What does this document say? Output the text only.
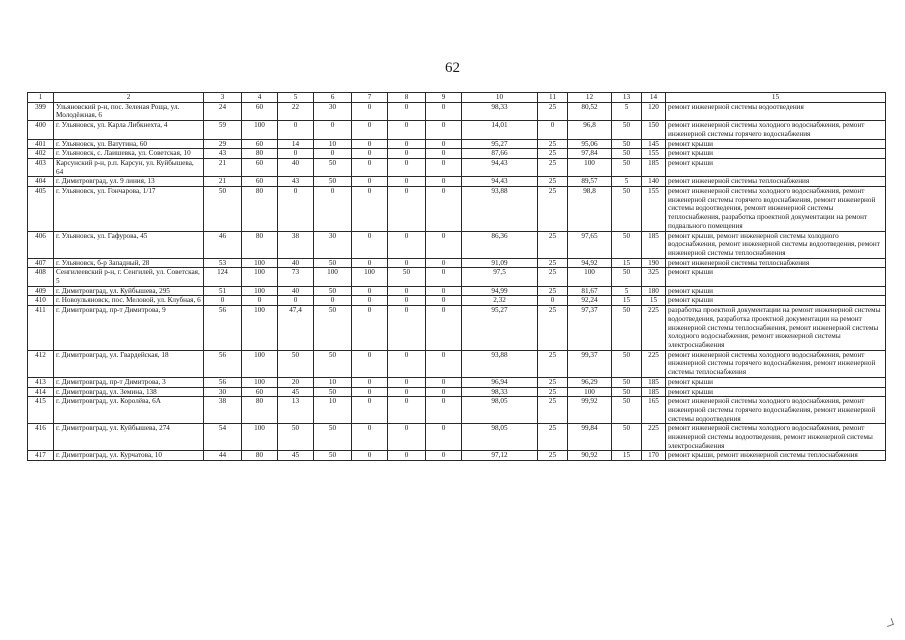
62
1	2	3	4	5	6	7	8	9	10	11	12	13	14	15
399	Ульяновский р-н, пос. Зеленая Роща, ул. Молодёжная, 6	24	60	22	30	0	0	0	98,33	25	80,52	5	120	ремонт инженерной системы водоотведения
400	г. Ульяновск, ул. Карла Либкнехта, 4	59	100	0	0	0	0	0	14,01	0	96,8	50	150	ремонт инженерной системы холодного водоснабжения, ремонт инженерной системы горячего водоснабжения
401	г. Ульяновск, ул. Ватутина, 60	29	60	14	10	0	0	0	95,27	25	95,06	50	145	ремонт крыши
402	г. Ульяновск, с. Лаишевка, ул. Советская, 10	43	80	0	0	0	0	0	87,66	25	97,84	50	155	ремонт крыши
403	Карсунский р-н, р.п. Карсун, ул. Куйбышева, 64	21	60	40	50	0	0	0	94,43	25	100	50	185	ремонт крыши
404	г. Димитровград, ул. 9 линия, 13	21	60	43	50	0	0	0	94,43	25	89,57	5	140	ремонт инженерной системы теплоснабжения
405	г. Ульяновск, ул. Гончарова, 1/17	50	80	0	0	0	0	0	93,88	25	98,8	50	155	ремонт инженерной системы холодного водоснабжения, ремонт инженерной системы горячего водоснабжения, ремонт инженерной системы водоотведения, ремонт инженерной системы теплоснабжения, разработка проектной документации на ремонт подвального помещения
406	г. Ульяновск, ул. Гафурова, 45	46	80	38	30	0	0	0	86,36	25	97,65	50	185	ремонт крыши, ремонт инженерной системы холодного водоснабжения, ремонт инженерной системы водоотведения, ремонт инженерной системы теплоснабжения
407	г. Ульяновск, б-р Западный, 28	53	100	40	50	0	0	0	91,09	25	94,92	15	190	ремонт инженерной системы теплоснабжения
408	Сенгилеевский р-н, г. Сенгилей, ул. Советская, 5	124	100	73	100	100	50	0	97,5	25	100	50	325	ремонт крыши
409	г. Димитровград, ул. Куйбышева, 295	51	100	40	50	0	0	0	94,99	25	81,67	5	180	ремонт крыши
410	г. Новоульяновск, пос. Меловой, ул. Клубная, 6	0	0	0	0	0	0	0	2,32	0	92,24	15	15	ремонт крыши
411	г. Димитровград, пр-т Димитрова, 9	56	100	47,4	50	0	0	0	95,27	25	97,37	50	225	разработка проектной документации на ремонт инженерной системы водоотведения, разработка проектной документации на ремонт инженерной системы теплоснабжения, ремонт инженерной системы холодного водоснабжения, ремонт инженерной системы электроснабжения
412	г. Димитровград, ул. Гвардейская, 18	56	100	50	50	0	0	0	93,88	25	99,37	50	225	ремонт инженерной системы холодного водоснабжения, ремонт инженерной системы горячего водоснабжения, ремонт инженерной системы теплоснабжения
413	г. Димитровград, пр-т Димитрова, 3	56	100	20	10	0	0	0	96,94	25	96,29	50	185	ремонт крыши
414	г. Димитровград, ул. Земина, 138	30	60	45	50	0	0	0	98,33	25	100	50	185	ремонт крыши
415	г. Димитровград, ул. Королёва, 6А	38	80	13	10	0	0	0	98,05	25	99,92	50	165	ремонт инженерной системы холодного водоснабжения, ремонт инженерной системы горячего водоснабжения, ремонт инженерной системы водоотведения
416	г. Димитровград, ул. Куйбышева, 274	54	100	50	50	0	0	0	98,05	25	99,84	50	225	ремонт инженерной системы холодного водоснабжения, ремонт инженерной системы водоотведения, ремонт инженерной системы электроснабжения
417	г. Димитровград, ул. Курчатова, 10	44	80	45	50	0	0	0	97,12	25	90,92	15	170	ремонт крыши, ремонт инженерной системы теплоснабжения
